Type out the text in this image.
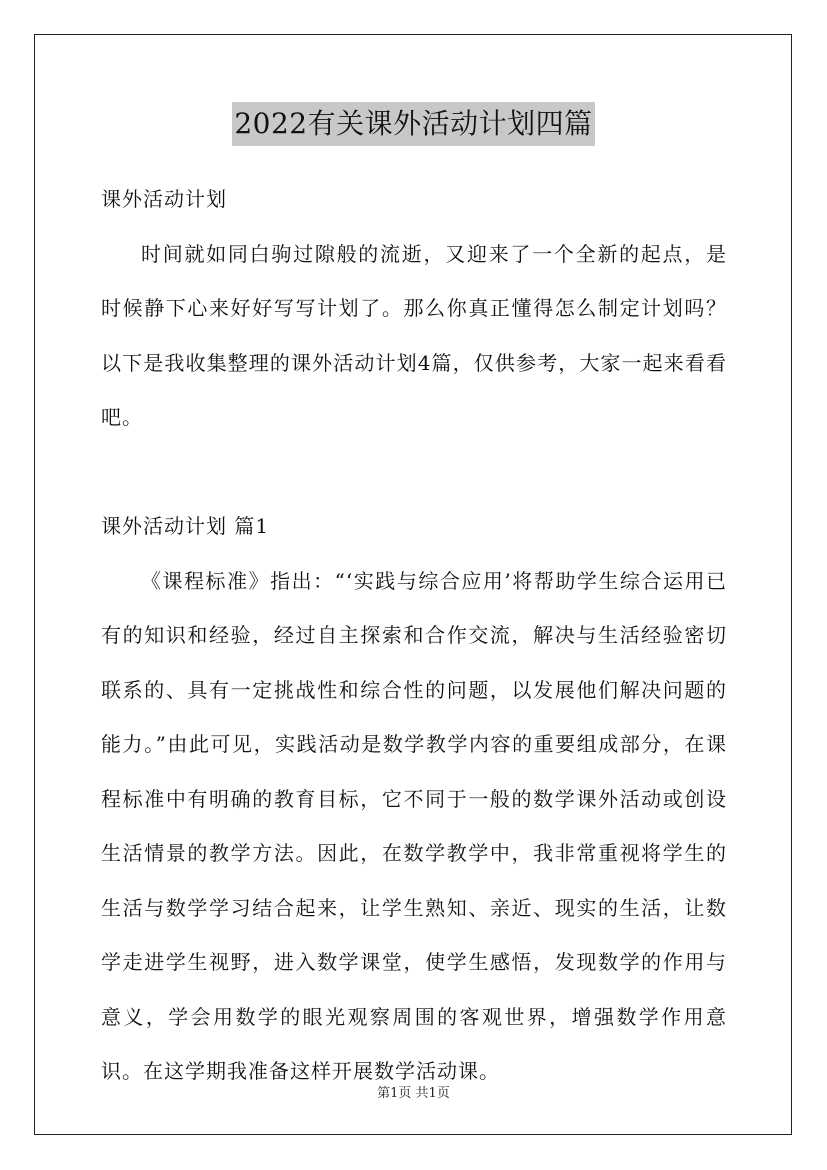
2022有关课外活动计划四篇

课外活动计划

时间就如同白驹过隙般的流逝，又迎来了一个全新的起点，是时候静下心来好好写写计划了。那么你真正懂得怎么制定计划吗？以下是我收集整理的课外活动计划4篇，仅供参考，大家一起来看看吧。

课外活动计划 篇1

《课程标准》指出：“‘实践与综合应用’将帮助学生综合运用已有的知识和经验，经过自主探索和合作交流，解决与生活经验密切联系的、具有一定挑战性和综合性的问题，以发展他们解决问题的能力。”由此可见，实践活动是数学教学内容的重要组成部分，在课程标准中有明确的教育目标，它不同于一般的数学课外活动或创设生活情景的教学方法。因此，在数学教学中，我非常重视将学生的生活与数学学习结合起来，让学生熟知、亲近、现实的生活，让数学走进学生视野，进入数学课堂，使学生感悟，发现数学的作用与意义，学会用数学的眼光观察周围的客观世界，增强数学作用意识。在这学期我准备这样开展数学活动课。

第1页 共1页
